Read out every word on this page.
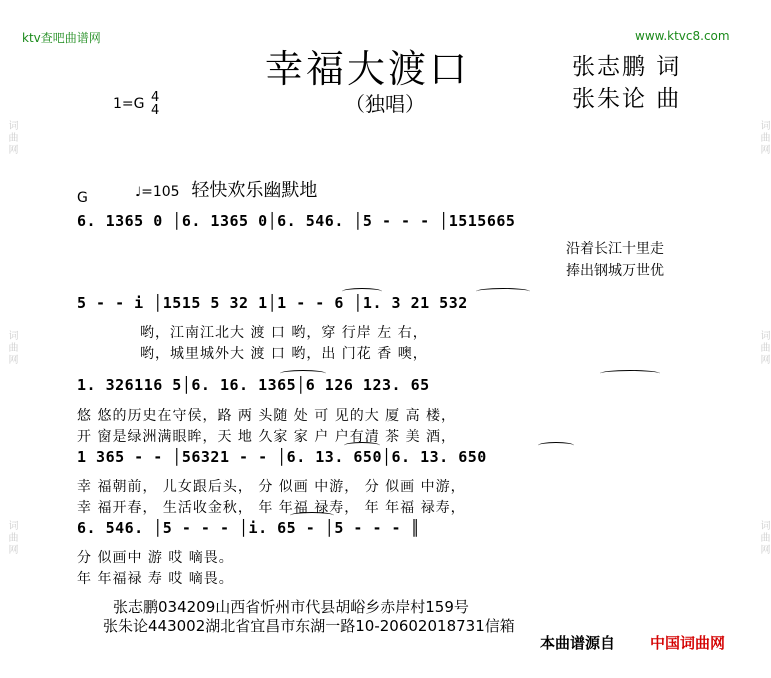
词曲网
词曲网
词曲网
词曲网
词曲网
词曲网
ktv查吧曲谱网	www.ktvc8.com
幸福大渡口
（独唱）
张志鹏 词
张朱论 曲
1=G 4
4
♩=105 轻快欢乐幽默地
G
6. 1365 0 │6. 1365 0│6. 546. │5 - - - │1515665
沿着长江十里走
捧出钢城万世优
5 - - i │1515 5 32 1│1 - - 6 │1. 3 21 532
哟，江南江北大 渡 口 哟，穿 行岸 左 右，
哟，城里城外大 渡 口 哟，出 门花 香 噢，
1. 326116 5│6. 16. 1365│6 126 123. 65
悠 悠的历史在守侯，路 两 头随 处 可 见的大 厦 高 楼，
开 窗是绿洲满眼眸，天 地 久家 家 户 户有清 茶 美 酒，
1 365 - - │56321 - - │6. 13. 650│6. 13. 650
幸 福朝前， 儿女跟后头， 分 似画 中游， 分 似画 中游，
幸 福开春， 生活收金秋， 年 年福 禄寿， 年 年福 禄寿，
6. 546. │5 - - - │i. 65 - │5 - - - ║
分 似画中 游 哎 嘀畏。
年 年福禄 寿 哎 嘀畏。
张志鹏034209山西省忻州市代县胡峪乡赤岸村159号
张朱论443002湖北省宜昌市东湖一路10-20602018731信箱
本曲谱源自 中国词曲网
